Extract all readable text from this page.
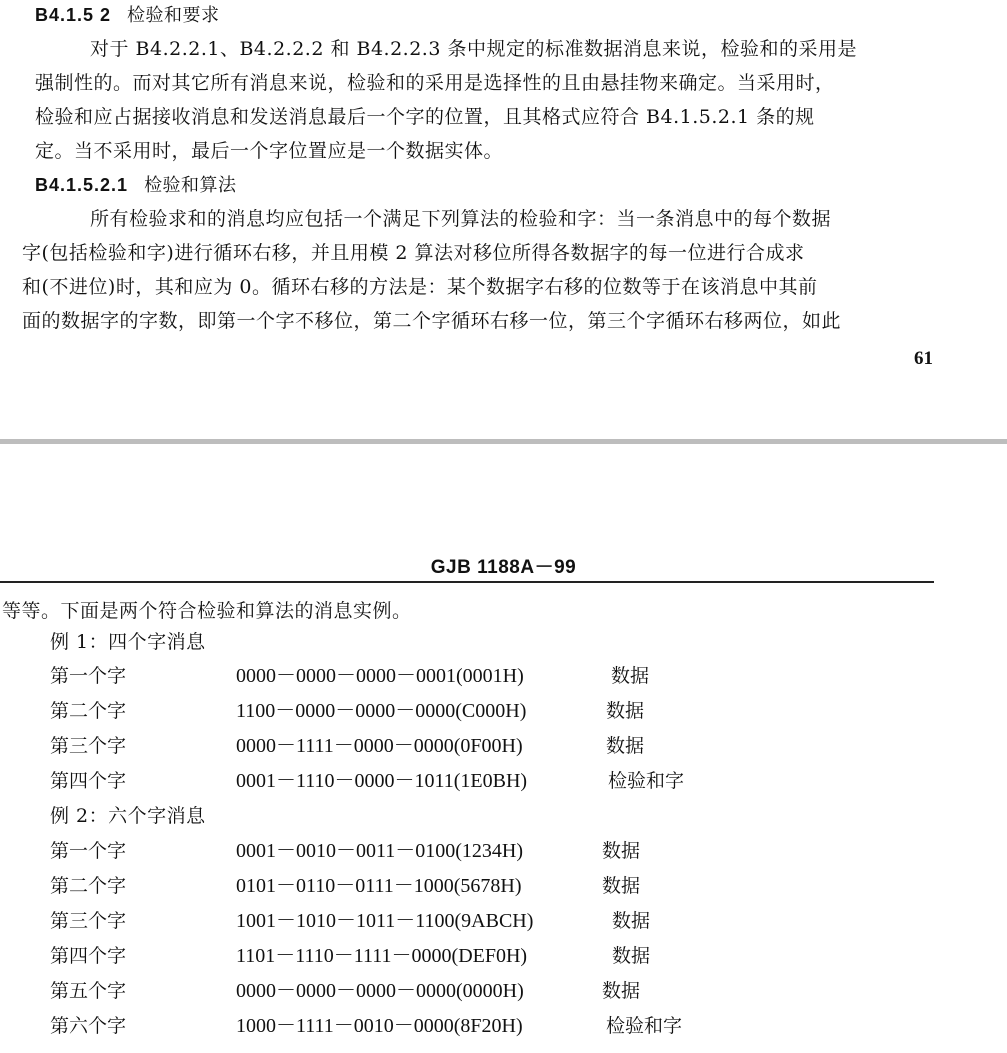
B4.1.5 2 检验和要求
对于 B4.2.2.1、B4.2.2.2 和 B4.2.2.3 条中规定的标准数据消息来说，检验和的采用是
强制性的。而对其它所有消息来说，检验和的采用是选择性的且由悬挂物来确定。当采用时，
检验和应占据接收消息和发送消息最后一个字的位置，且其格式应符合 B4.1.5.2.1 条的规
定。当不采用时，最后一个字位置应是一个数据实体。
B4.1.5.2.1 检验和算法
所有检验求和的消息均应包括一个满足下列算法的检验和字：当一条消息中的每个数据
字(包括检验和字)进行循环右移，并且用模 2 算法对移位所得各数据字的每一位进行合成求
和(不进位)时，其和应为 0。循环右移的方法是：某个数据字右移的位数等于在该消息中其前
面的数据字的字数，即第一个字不移位，第二个字循环右移一位，第三个字循环右移两位，如此
61
GJB 1188A－99
等等。下面是两个符合检验和算法的消息实例。
例 1：四个字消息
第一个字	0000－0000－0000－0001(0001H)	数据
第二个字	1100－0000－0000－0000(C000H)	数据
第三个字	0000－1111－0000－0000(0F00H)	数据
第四个字	0001－1110－0000－1011(1E0BH)	检验和字
例 2：六个字消息
第一个字	0001－0010－0011－0100(1234H)	数据
第二个字	0101－0110－0111－1000(5678H)	数据
第三个字	1001－1010－1011－1100(9ABCH)	数据
第四个字	1101－1110－1111－0000(DEF0H)	数据
第五个字	0000－0000－0000－0000(0000H)	数据
第六个字	1000－1111－0010－0000(8F20H)	检验和字
